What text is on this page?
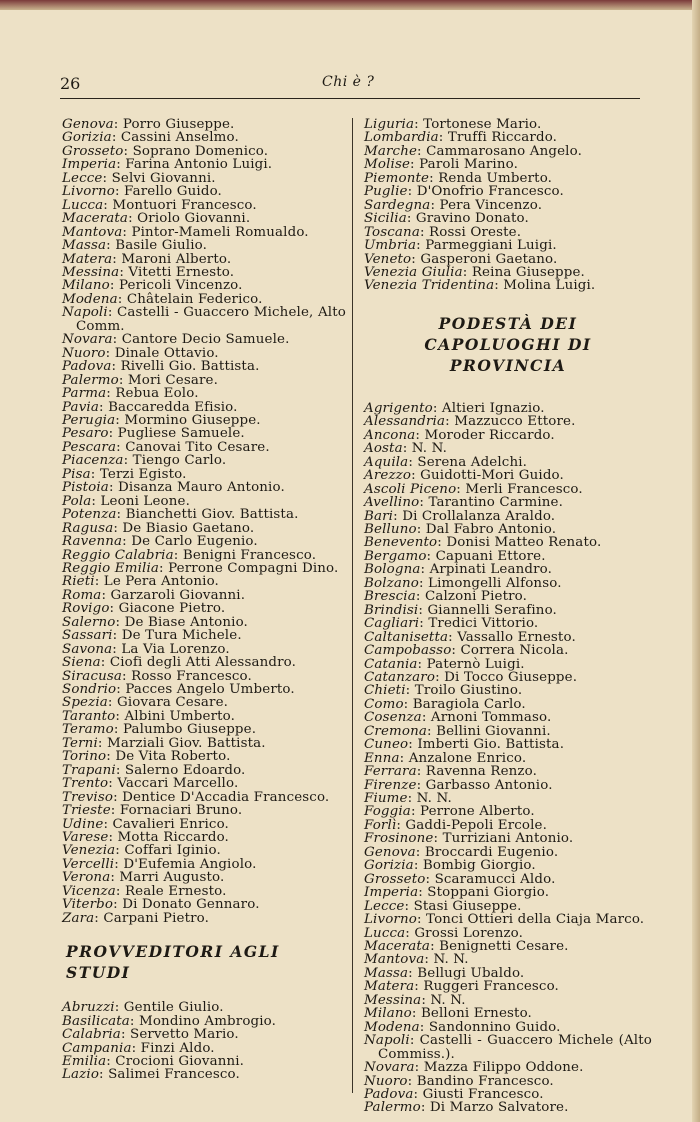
26	Chi è ?
Genova: Porro Giuseppe.
Gorizia: Cassini Anselmo.
Grosseto: Soprano Domenico.
Imperia: Farina Antonio Luigi.
Lecce: Selvi Giovanni.
Livorno: Farello Guido.
Lucca: Montuori Francesco.
Macerata: Oriolo Giovanni.
Mantova: Pintor-Mameli Romualdo.
Massa: Basile Giulio.
Matera: Maroni Alberto.
Messina: Vitetti Ernesto.
Milano: Pericoli Vincenzo.
Modena: Châtelain Federico.
Napoli: Castelli - Guaccero Michele, Alto Comm.
Novara: Cantore Decio Samuele.
Nuoro: Dinale Ottavio.
Padova: Rivelli Gio. Battista.
Palermo: Mori Cesare.
Parma: Rebua Eolo.
Pavia: Baccaredda Efisio.
Perugia: Mormino Giuseppe.
Pesaro: Pugliese Samuele.
Pescara: Canovai Tito Cesare.
Piacenza: Tiengo Carlo.
Pisa: Terzi Egisto.
Pistoia: Disanza Mauro Antonio.
Pola: Leoni Leone.
Potenza: Bianchetti Giov. Battista.
Ragusa: De Biasio Gaetano.
Ravenna: De Carlo Eugenio.
Reggio Calabria: Benigni Francesco.
Reggio Emilia: Perrone Compagni Dino.
Rieti: Le Pera Antonio.
Roma: Garzaroli Giovanni.
Rovigo: Giacone Pietro.
Salerno: De Biase Antonio.
Sassari: De Tura Michele.
Savona: La Via Lorenzo.
Siena: Ciofi degli Atti Alessandro.
Siracusa: Rosso Francesco.
Sondrio: Pacces Angelo Umberto.
Spezia: Giovara Cesare.
Taranto: Albini Umberto.
Teramo: Palumbo Giuseppe.
Terni: Marziali Giov. Battista.
Torino: De Vita Roberto.
Trapani: Salerno Edoardo.
Trento: Vaccari Marcello.
Treviso: Dentice D'Accadia Francesco.
Trieste: Fornaciari Bruno.
Udine: Cavalieri Enrico.
Varese: Motta Riccardo.
Venezia: Coffari Iginio.
Vercelli: D'Eufemia Angiolo.
Verona: Marri Augusto.
Vicenza: Reale Ernesto.
Viterbo: Di Donato Gennaro.
Zara: Carpani Pietro.
PROVVEDITORI AGLI STUDI
Abruzzi: Gentile Giulio.
Basilicata: Mondino Ambrogio.
Calabria: Servetto Mario.
Campania: Finzi Aldo.
Emilia: Crocioni Giovanni.
Lazio: Salimei Francesco.
Liguria: Tortonese Mario.
Lombardia: Truffi Riccardo.
Marche: Cammarosano Angelo.
Molise: Paroli Marino.
Piemonte: Renda Umberto.
Puglie: D'Onofrio Francesco.
Sardegna: Pera Vincenzo.
Sicilia: Gravino Donato.
Toscana: Rossi Oreste.
Umbria: Parmeggiani Luigi.
Veneto: Gasperoni Gaetano.
Venezia Giulia: Reina Giuseppe.
Venezia Tridentina: Molina Luigi.
PODESTÀ DEI CAPOLUOGHI DI PROVINCIA
Agrigento: Altieri Ignazio.
Alessandria: Mazzucco Ettore.
Ancona: Moroder Riccardo.
Aosta: N. N.
Aquila: Serena Adelchi.
Arezzo: Guidotti-Mori Guido.
Ascoli Piceno: Merli Francesco.
Avellino: Tarantino Carmine.
Bari: Di Crollalanza Araldo.
Belluno: Dal Fabro Antonio.
Benevento: Donisi Matteo Renato.
Bergamo: Capuani Ettore.
Bologna: Arpinati Leandro.
Bolzano: Limongelli Alfonso.
Brescia: Calzoni Pietro.
Brindisi: Giannelli Serafino.
Cagliari: Tredici Vittorio.
Caltanisetta: Vassallo Ernesto.
Campobasso: Correra Nicola.
Catania: Paternò Luigi.
Catanzaro: Di Tocco Giuseppe.
Chieti: Troilo Giustino.
Como: Baragiola Carlo.
Cosenza: Arnoni Tommaso.
Cremona: Bellini Giovanni.
Cuneo: Imberti Gio. Battista.
Enna: Anzalone Enrico.
Ferrara: Ravenna Renzo.
Firenze: Garbasso Antonio.
Fiume: N. N.
Foggia: Perrone Alberto.
Forlì: Gaddi-Pepoli Ercole.
Frosinone: Turriziani Antonio.
Genova: Broccardi Eugenio.
Gorizia: Bombig Giorgio.
Grosseto: Scaramucci Aldo.
Imperia: Stoppani Giorgio.
Lecce: Stasi Giuseppe.
Livorno: Tonci Ottieri della Ciaja Marco.
Lucca: Grossi Lorenzo.
Macerata: Benignetti Cesare.
Mantova: N. N.
Massa: Bellugi Ubaldo.
Matera: Ruggeri Francesco.
Messina: N. N.
Milano: Belloni Ernesto.
Modena: Sandonnino Guido.
Napoli: Castelli - Guaccero Michele (Alto Commiss.).
Novara: Mazza Filippo Oddone.
Nuoro: Bandino Francesco.
Padova: Giusti Francesco.
Palermo: Di Marzo Salvatore.
